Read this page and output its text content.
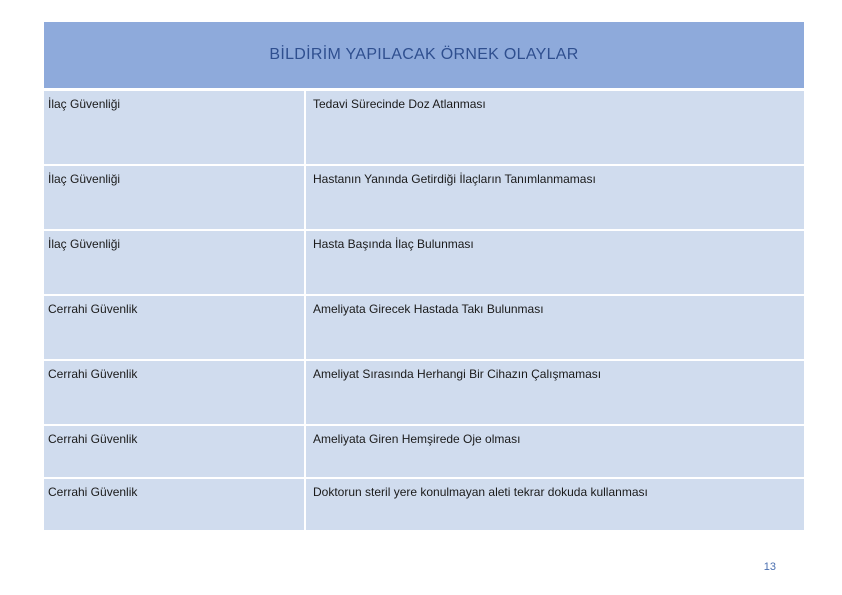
BİLDİRİM YAPILACAK ÖRNEK OLAYLAR	

İlaç Güvenliği	Tedavi Sürecinde Doz Atlanması

İlaç Güvenliği	Hastanın Yanında Getirdiği İlaçların Tanımlanmaması

İlaç Güvenliği	Hasta Başında İlaç Bulunması

Cerrahi Güvenlik	Ameliyata Girecek Hastada Takı Bulunması

Cerrahi Güvenlik	Ameliyat Sırasında Herhangi Bir Cihazın Çalışmaması

Cerrahi Güvenlik	Ameliyata Giren Hemşirede Oje olması

Cerrahi Güvenlik	Doktorun steril yere konulmayan aleti tekrar dokuda kullanması
13
